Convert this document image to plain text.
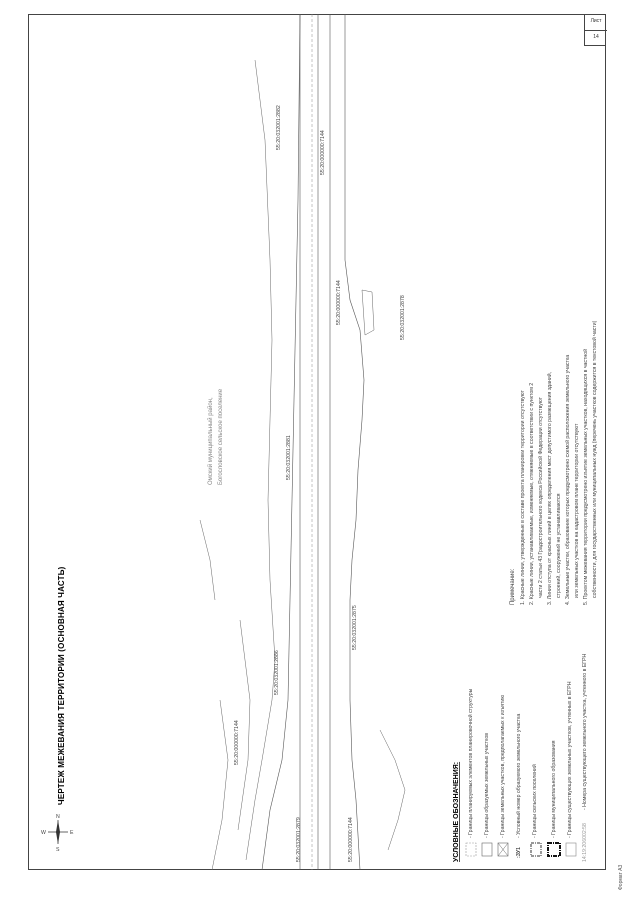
Лист
14
Формат А3
55:20:032001:2882
55:20:000000:7144
55:20:000000:7144	55:20:032001:2878
55:20:032001:2881
55:20:032001:2875
55:20:032001:2886
55:20:000000:7144
55:20:032001:2879	55:20:000000:7144
Омский муниципальный район, Богословское сельское поселение
N
S
W	E
ЧЕРТЕЖ МЕЖЕВАНИЯ ТЕРРИТОРИИ (ОСНОВНАЯ ЧАСТЬ)
УСЛОВНЫЕ ОБОЗНАЧЕНИЯ:	:ЗУ1	14:19:206002:58
- Границы планируемых элементов планировочной структуры - Границы образуемых земельных участков - Границы земельных участков, предполагаемых к изъятию - Условный номер образуемого земельного участка - Границы сельских поселений	- Границы муниципального образования - Границы существующих земельных участков, учтенных в ЕГРН - Номера существующего земельного участка, учтенного в ЕГРН
Примечание: 1. Красные линии, утвержденные в составе проекта планировки территории отсутствуют 2. Красные линии, устанавливаемые, изменяемые, отменяемые в соответствии с пунктом 2 части 2 статьи 43 Градостроительного кодекса Российской Федерации отсутствуют 3. Линии отступа от красных линий в целях определения мест допустимого размещения зданий, строений, сооружений не устанавливаются 4. Земельные участки, образование которых предусмотрено схемой расположения земельного участка или земельных участков на кадастровом плане территории отсутствуют 5. Проектом межевания территории предусмотрено изъятие земельных участков, находящихся в частной собственности, для государственных или муниципальных нужд (перечень участков содержится в текстовой части)
